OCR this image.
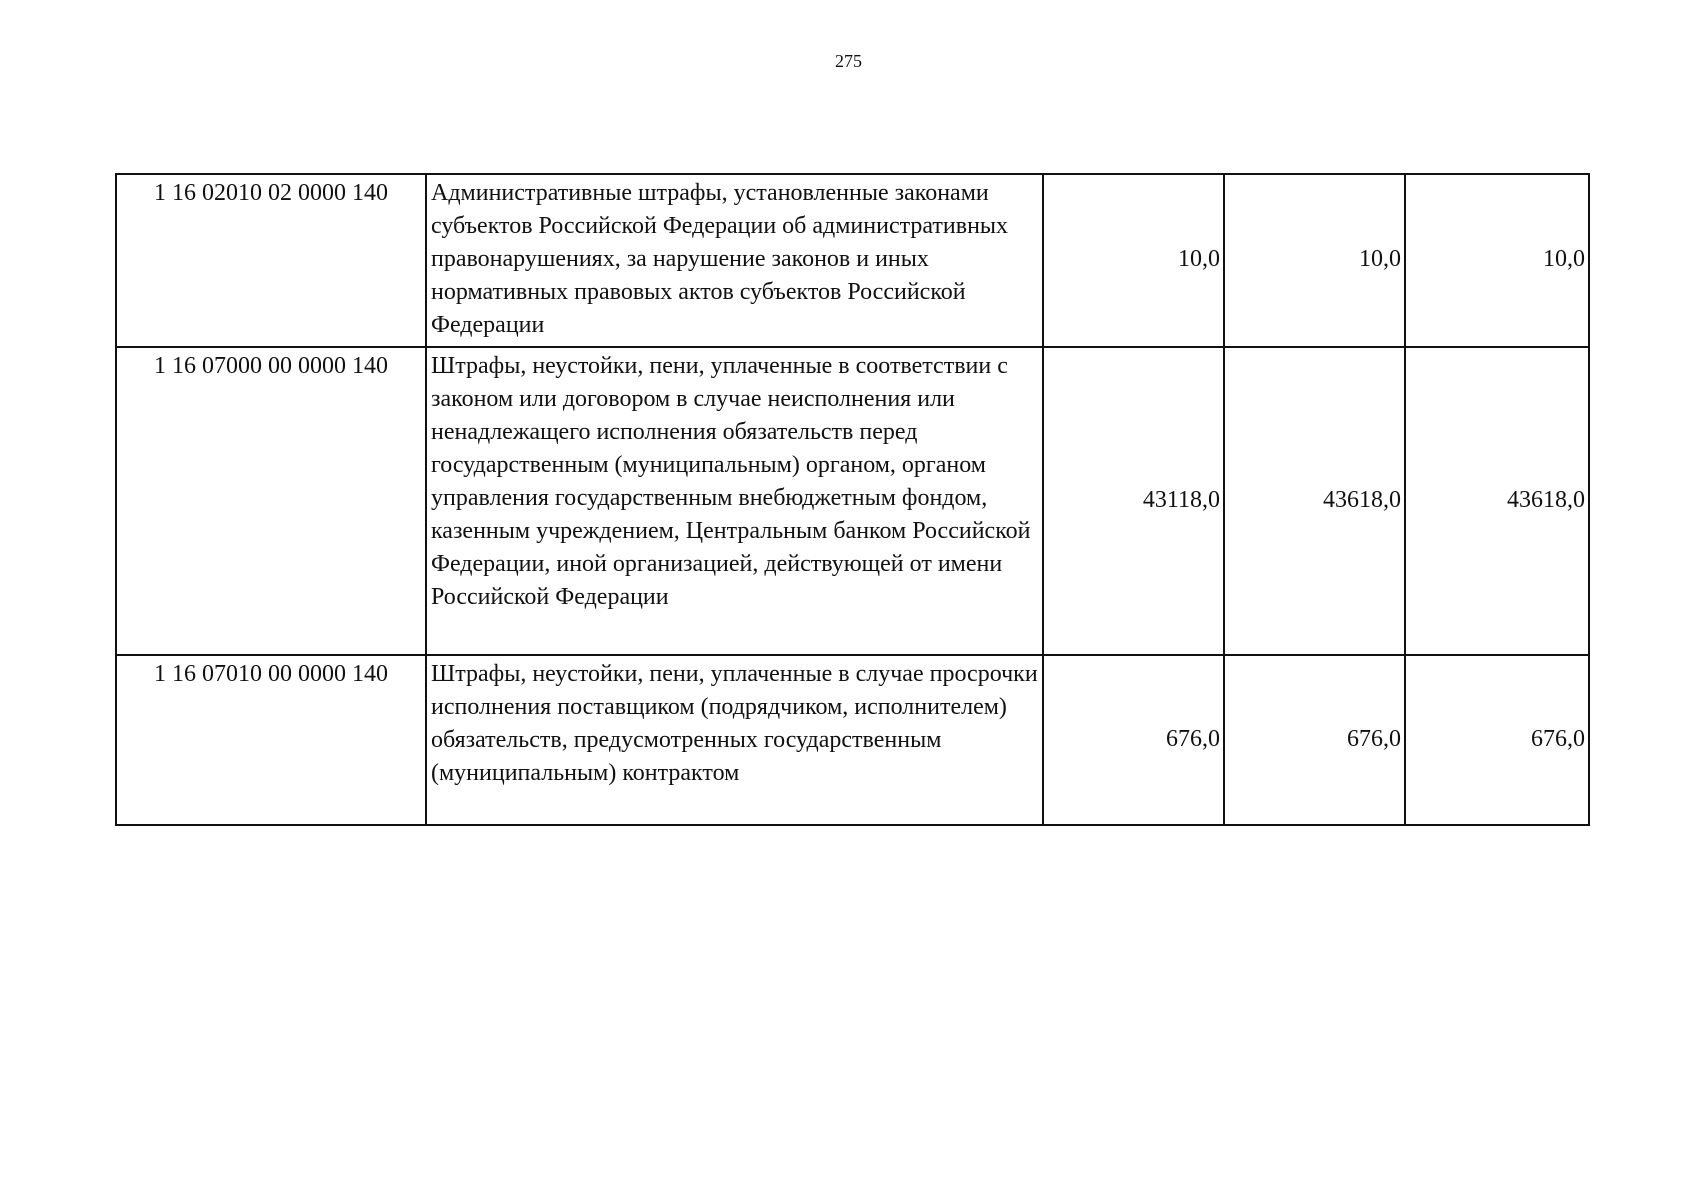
275
1 16 02010 02 0000 140	Административные штрафы, установленные законами субъектов Российской Федерации об административных правонарушениях, за нарушение законов и иных нормативных правовых актов субъектов Российской Федерации	10,0	10,0	10,0
1 16 07000 00 0000 140	Штрафы, неустойки, пени, уплаченные в соответствии с законом или договором в случае неисполнения или ненадлежащего исполнения обязательств перед государственным (муниципальным) органом, органом управления государственным внебюджетным фондом, казенным учреждением, Центральным банком Российской Федерации, иной организацией, действующей от имени Российской Федерации	43118,0	43618,0	43618,0
1 16 07010 00 0000 140	Штрафы, неустойки, пени, уплаченные в случае просрочки исполнения поставщиком (подрядчиком, исполнителем) обязательств, предусмотренных государственным (муниципальным) контрактом	676,0	676,0	676,0
